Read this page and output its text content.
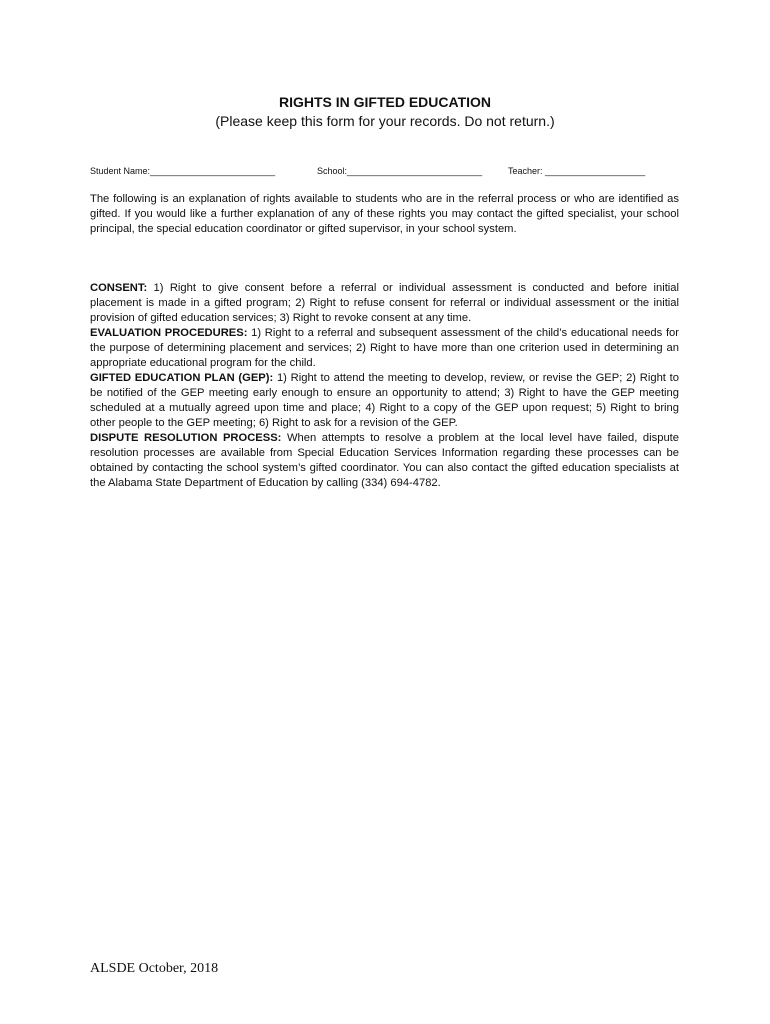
RIGHTS IN GIFTED EDUCATION
(Please keep this form for your records. Do not return.)
Student Name:_________________________	School:___________________________	Teacher: ____________________

The following is an explanation of rights available to students who are in the referral process or who are identified as gifted. If you would like a further explanation of any of these rights you may contact the gifted specialist, your school principal, the special education coordinator or gifted supervisor, in your school system.

CONSENT: 1) Right to give consent before a referral or individual assessment is conducted and before initial placement is made in a gifted program; 2) Right to refuse consent for referral or individual assessment or the initial provision of gifted education services; 3) Right to revoke consent at any time.

EVALUATION PROCEDURES: 1) Right to a referral and subsequent assessment of the child’s educational needs for the purpose of determining placement and services; 2) Right to have more than one criterion used in determining an appropriate educational program for the child.

GIFTED EDUCATION PLAN (GEP): 1) Right to attend the meeting to develop, review, or revise the GEP; 2) Right to be notified of the GEP meeting early enough to ensure an opportunity to attend; 3) Right to have the GEP meeting scheduled at a mutually agreed upon time and place; 4) Right to a copy of the GEP upon request; 5) Right to bring other people to the GEP meeting; 6) Right to ask for a revision of the GEP.

DISPUTE RESOLUTION PROCESS: When attempts to resolve a problem at the local level have failed, dispute resolution processes are available from Special Education Services Information regarding these processes can be obtained by contacting the school system’s gifted coordinator. You can also contact the gifted education specialists at the Alabama State Department of Education by calling (334) 694-4782.

ALSDE October, 2018
